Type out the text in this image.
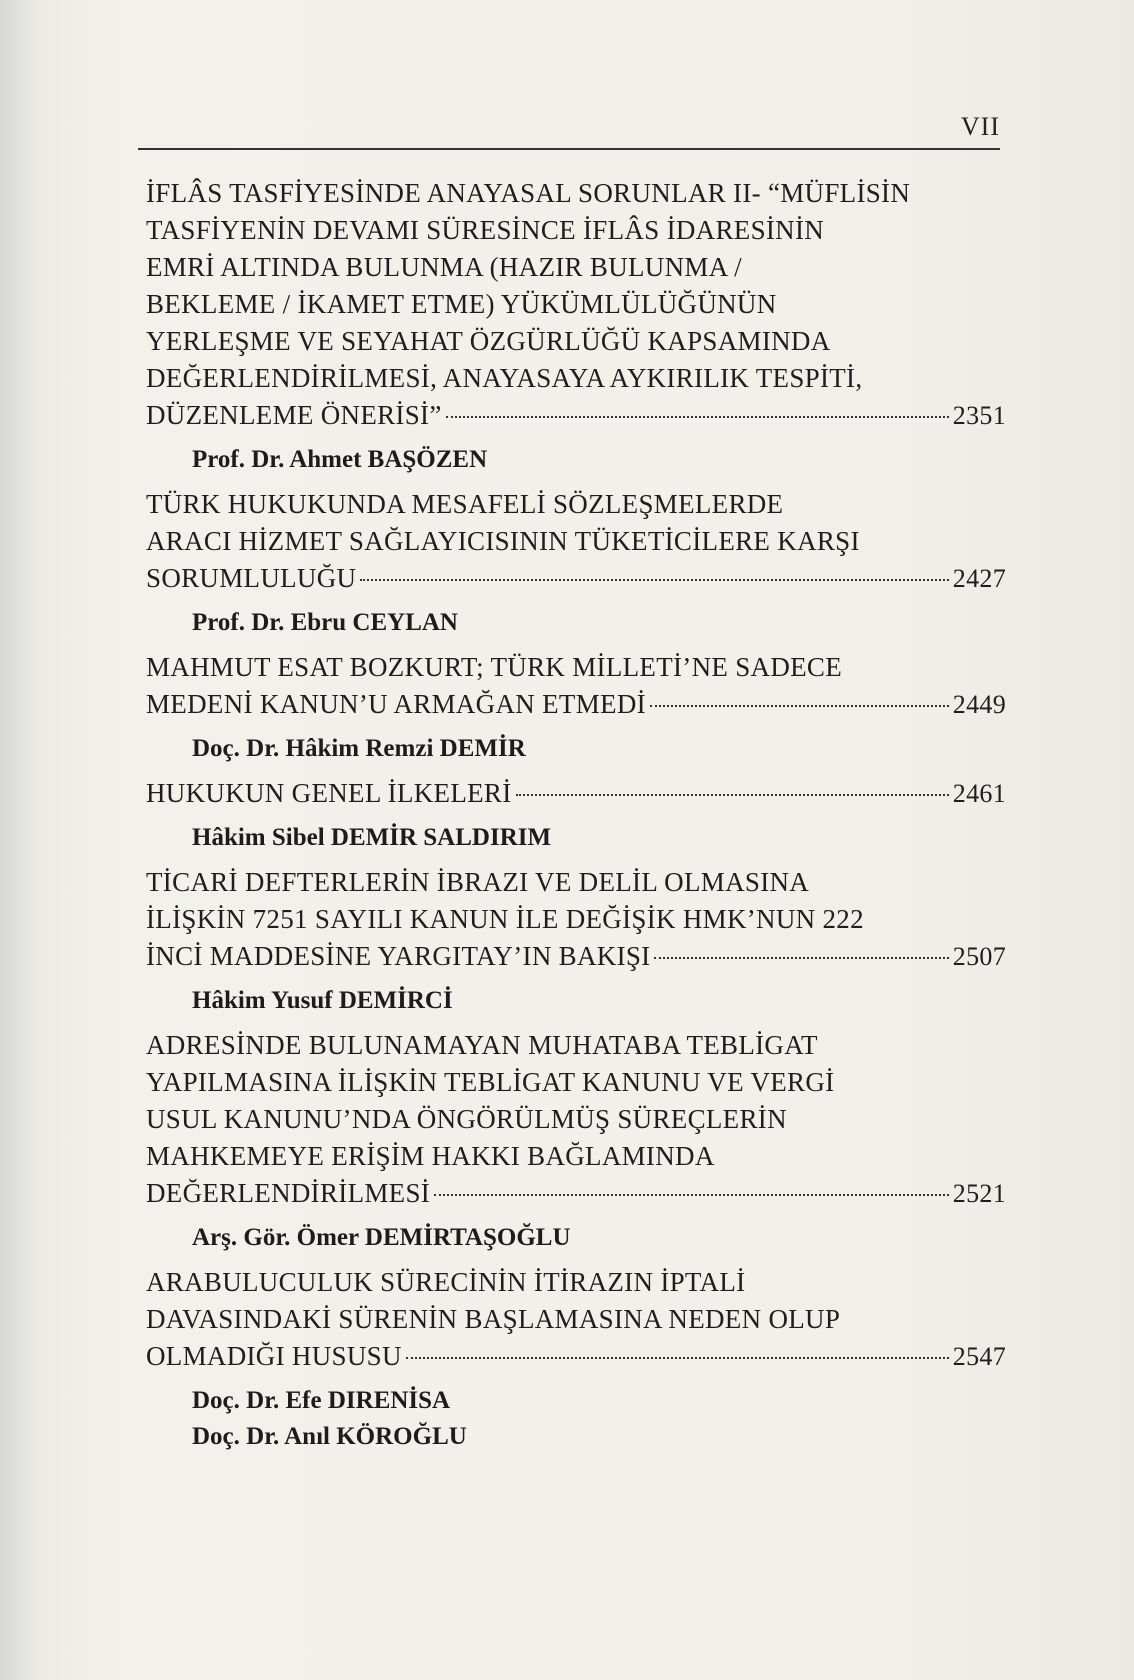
VII
İFLÂS TASFİYESİNDE ANAYASAL SORUNLAR II- “MÜFLİSİN
TASFİYENİN DEVAMI SÜRESİNCE İFLÂS İDARESİNİN
EMRİ ALTINDA BULUNMA (HAZIR BULUNMA /
BEKLEME / İKAMET ETME) YÜKÜMLÜLÜĞÜNÜN
YERLEŞME VE SEYAHAT ÖZGÜRLÜĞÜ KAPSAMINDA
DEĞERLENDİRİLMESİ, ANAYASAYA AYKIRILIK TESPİTİ,
DÜZENLEME ÖNERİSİ”	2351
Prof. Dr. Ahmet BAŞÖZEN
TÜRK HUKUKUNDA MESAFELİ SÖZLEŞMELERDE
ARACI HİZMET SAĞLAYICISININ TÜKETİCİLERE KARŞI
SORUMLULUĞU	2427
Prof. Dr. Ebru CEYLAN
MAHMUT ESAT BOZKURT; TÜRK MİLLETİ’NE SADECE
MEDENİ KANUN’U ARMAĞAN ETMEDİ	2449
Doç. Dr. Hâkim Remzi DEMİR
HUKUKUN GENEL İLKELERİ	2461
Hâkim Sibel DEMİR SALDIRIM
TİCARİ DEFTERLERİN İBRAZI VE DELİL OLMASINA
İLİŞKİN 7251 SAYILI KANUN İLE DEĞİŞİK HMK’NUN 222
İNCİ MADDESİNE YARGITAY’IN BAKIŞI	2507
Hâkim Yusuf DEMİRCİ
ADRESİNDE BULUNAMAYAN MUHATABA TEBLİGAT
YAPILMASINA İLİŞKİN TEBLİGAT KANUNU VE VERGİ
USUL KANUNU’NDA ÖNGÖRÜLMÜŞ SÜREÇLERİN
MAHKEMEYE ERİŞİM HAKKI BAĞLAMINDA
DEĞERLENDİRİLMESİ	2521
Arş. Gör. Ömer DEMİRTAŞOĞLU
ARABULUCULUK SÜRECİNİN İTİRAZIN İPTALİ
DAVASINDAKİ SÜRENİN BAŞLAMASINA NEDEN OLUP
OLMADIĞI HUSUSU	2547
Doç. Dr. Efe DIRENİSA
Doç. Dr. Anıl KÖROĞLU
